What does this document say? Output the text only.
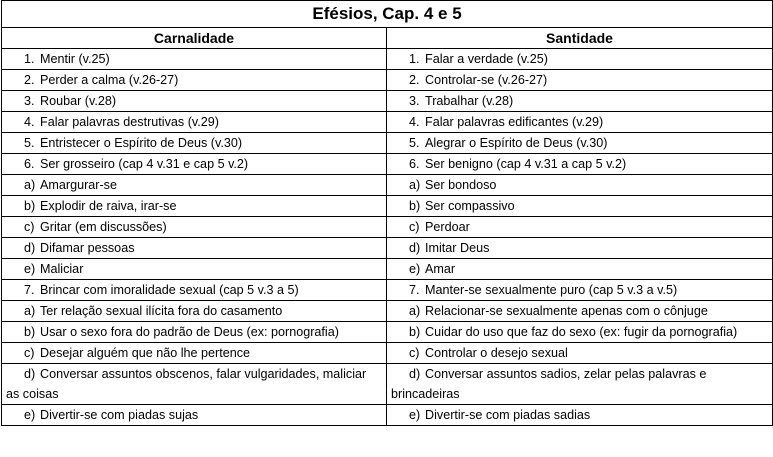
Efésios, Cap. 4 e 5	
Carnalidade	Santidade
1. Mentir (v.25)	1. Falar a verdade (v.25)
2. Perder a calma (v.26-27)	2. Controlar-se (v.26-27)
3. Roubar (v.28)	3. Trabalhar (v.28)
4. Falar palavras destrutivas (v.29)	4. Falar palavras edificantes (v.29)
5. Entristecer o Espírito de Deus (v.30)	5. Alegrar o Espírito de Deus (v.30)
6. Ser grosseiro (cap 4 v.31 e cap 5 v.2)	6. Ser benigno (cap 4 v.31 a cap 5 v.2)
a) Amargurar-se	a) Ser bondoso
b) Explodir de raiva, irar-se	b) Ser compassivo
c) Gritar (em discussões)	c) Perdoar
d) Difamar pessoas	d) Imitar Deus
e) Maliciar	e) Amar
7. Brincar com imoralidade sexual (cap 5 v.3 a 5)	7. Manter-se sexualmente puro (cap 5 v.3 a v.5)
a) Ter relação sexual ilícita fora do casamento	a) Relacionar-se sexualmente apenas com o cônjuge
b) Usar o sexo fora do padrão de Deus (ex: pornografia)	b) Cuidar do uso que faz do sexo (ex: fugir da pornografia)
c) Desejar alguém que não lhe pertence	c) Controlar o desejo sexual
d) Conversar assuntos obscenos, falar vulgaridades, maliciar as coisas	d) Conversar assuntos sadios, zelar pelas palavras e brincadeiras
e) Divertir-se com piadas sujas	e) Divertir-se com piadas sadias
